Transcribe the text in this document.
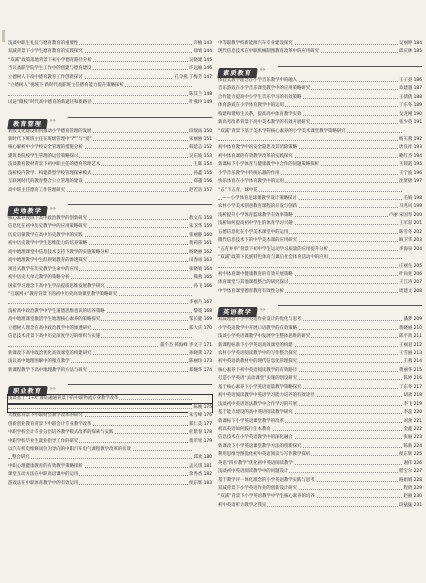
浅谈中职生礼仪与德育教育的重要性	许楠 143
双减背景下小学生德育教育的实践探究	徐娟 144
“双减”政策落地背景下初小学德育路径分析	吴晓建 145
当议高职学院学生工作中的创建与德育建设	许远喻 146
立德树人下高中德育教育工作创新探讨	孔令燕 丁梅芳 147
“立德树人”视域下 新时代高职班主任德育能力提升策略探析
陈其兰 148
试论“微校”时代高中德育的新途径和新路径	叶燕玲 149
教育管理 »»
新版文化建设如何推动小学德育管理的发展	段瑞雨 150
新时代下班班主任在班级管理中“严”与“爱”	宋丽丽 151
核心解析中小学校安全管理的措施分析	韩延志 152
建筑类院校学生管理的运营策略探讨	吴东坡 153
浅谈教育教材背景下初中职主任的德育管理艺术	王晖 154
浅析校内教学：构建新型学校管理探索模式	孙鑫 155
互联网时代的教育整合公立管理的建设	郑越 156
高中班主任德育工作管理研究	赵若浩 157
史地教学 »»
核心素养视域下高中政治教学的创新研究	敖文东 158
信息化在初中历史教学中的应用策略研究	朱卫华 159
历史启蒙教学在高中历史教学中的实践	张丽静 160
初中历史教学中学生思维能力的培养策略	黄莉莎 161
高中地理课堂中信息技术支持下教学的实施策略分析	杨晓丽 162
高中地理教学中生涯规划教育的渗透探究	田春雨 163
项目式教学在历史教学生命中的应用	张晓娟 164
初中历史大单元教学的策略分析	熊燕 165
国家学习理念下高中生学品提质思维发展教学研究	孙飞 166
“互联网+”教育背景下的初中历史高效课堂教学策略研究
李丽月 167
浅析高中政治教学中学生道德思维意识的培养策略	黎冕 168
高中地理课堂激活学生地理核心素养的策略探究	邹长健 169
立德树人理念在高中政治教学中的渗透研究	郑大庆 170
信息技术背景下高中历史深度学习的组织与实施
董小杰 韩海峰 李文干 171
新课改下高中政治优化高效课堂的构建研究	孙晓蕾 172
浅议高中地理图解中的微点教学	陈丽珍 173
新课程教学下高中地理教学的方法与研究	郑婉华 174
职业教育 »»
浅谈基于“1+X”课证融通背景下的中职物流专业教学改革
陈婉 175
大数据背景下中职财会教学改革的研究	朱雪峰 176
创新创业教育背景下中职会计专业教学改革	郑仁美 177
中职学校会计专业分层培养教学模式改革的探索与实践	杜紫春 178
中职学校毕业生就业指导工作的研究	黄苹果 179
以汽车机电维修岗位为导向的中职汽车电气课程教学改革的有效
整合研究	邱欢 180
中职心理健康教育的有效教学策略探析	孟凡琪 181
课堂互动方法在中职高语课中的运用	余秀香 182
游戏法在中职体育教学中的有效运用	侯东辉 183
中等职教学校新能源汽车专业建设探究	吴丽婷 184
现代信息技术在中职机械制图教育改革中的应用研究	邱庆林 185
素质教育 »»
体验式教学理念在小学音乐教学中的融入	王子亮 186
音乐游戏在小学音乐课堂教学中的应用策略研究	章建越 187
合作能力提高中小学生音乐学习的有效策略	王倩倩 188
体育游戏在小学体育教学中的运用	丁东冬 189
构建和谐师生关系，提高高中体育教学实效	戈龙刚 190
新高考改革背景下高中美术教学的有效开展研究	张少英 191
“双减”背景下基于美术学科核心素养的小学美术课堂教学策略研究
杨玉燕 192
初中体育教学中的安全隐患及其消除策略	唐良祥 193
初中体育课的有效教学改革的实践探究	鲍红杰 194
新课标下小学体育与健康教学中合作的问题策略探析	王锁霞 195
小学音乐教学中传统乐器的作用	王宁波 196
快乐体育在小学体育教学中的运用	沈贤锦 197
“五”下五育，球中花
——小学体育足球课教学设计策略探讨	毛娟 198
农村小学美术创意教育课程的开发与创新	马兆风 199
浅析提升小学体育篮球教学有效率策略	卢丽 宋国琴 200
浅析如何提高初中学生的体育学习兴趣	王军彩 201
五德信息化在小学美术课堂中的运用	陈雪冬 202
微代信息技术下的中学美术课的应用研究	顾卫华 203
“五育并举”背景下初中学生运动学习质量的应用提升分析	李海泉 204
“双减”政策下民族特色体育与课后社会体育活动中的应用
庄丽生 205
初中体育课中健康教育的有效开展策略	叶尚兆 206
体育课堂与其他课程整合的研究探讨	王江涛 207
中学体育课堂德育教育有效性分析	周建文 208
英语教学 »»
双减理念下小学英语作业设计的优化与思考	潘梦 209
小学英语教学中开展口语教学的有效策略	黄晓丽 210
浅谈小学英语课教学中发展学生整体思维的研究	邱平鸿 211
新课程标准下小学英语高效课堂的构建	王丽君 212
农村小学英语阅读教学中的写作整合探究	王雪丽 213
初中英语新教材中的现代信息化管理探究	王燕 214
核心素养下初中英语阅读教学的有效路径	黄丽华 215
打造小学英语“灵动课堂”实施的创设研究	陈婷 216
基于核心素养下小学英语语篇教学策略探究	丁东冬 217
初中英语阅读教学中英语学习能力培养的有效途径	胡欢 218
浅谈初中英语语法教学中合作学习的开展	李飞 219
基于能力建设的高中英语阅读教学研究	李蕊 220
新课标下小学英语课堂教学的改革	刘蕾 221
初高英语如何践行生本教育	金鑫 222
信息技术在小学英语教学中的深化融合	张丽 223
新课改下小学英语课堂教学方法的创新探究	陈新 224
利用思维导图优化初中英语阅读与写作教学探析	侯东辉 225
英语“四步教学”优化初中英语阅读教学	谢伟 226
浅谈初中英语阅读教学中的问题设计	程宝尔 227
基于教学评一体化理念的小学英语教学实践与思考	路娟娟 228
双减背景下小学英语作业的创新设计研究	程倩 229
“双减”背景下小学英语教学中学生核心素养的培养	赵丽 230
初中英语听力教学之我见	段猛猛 231
